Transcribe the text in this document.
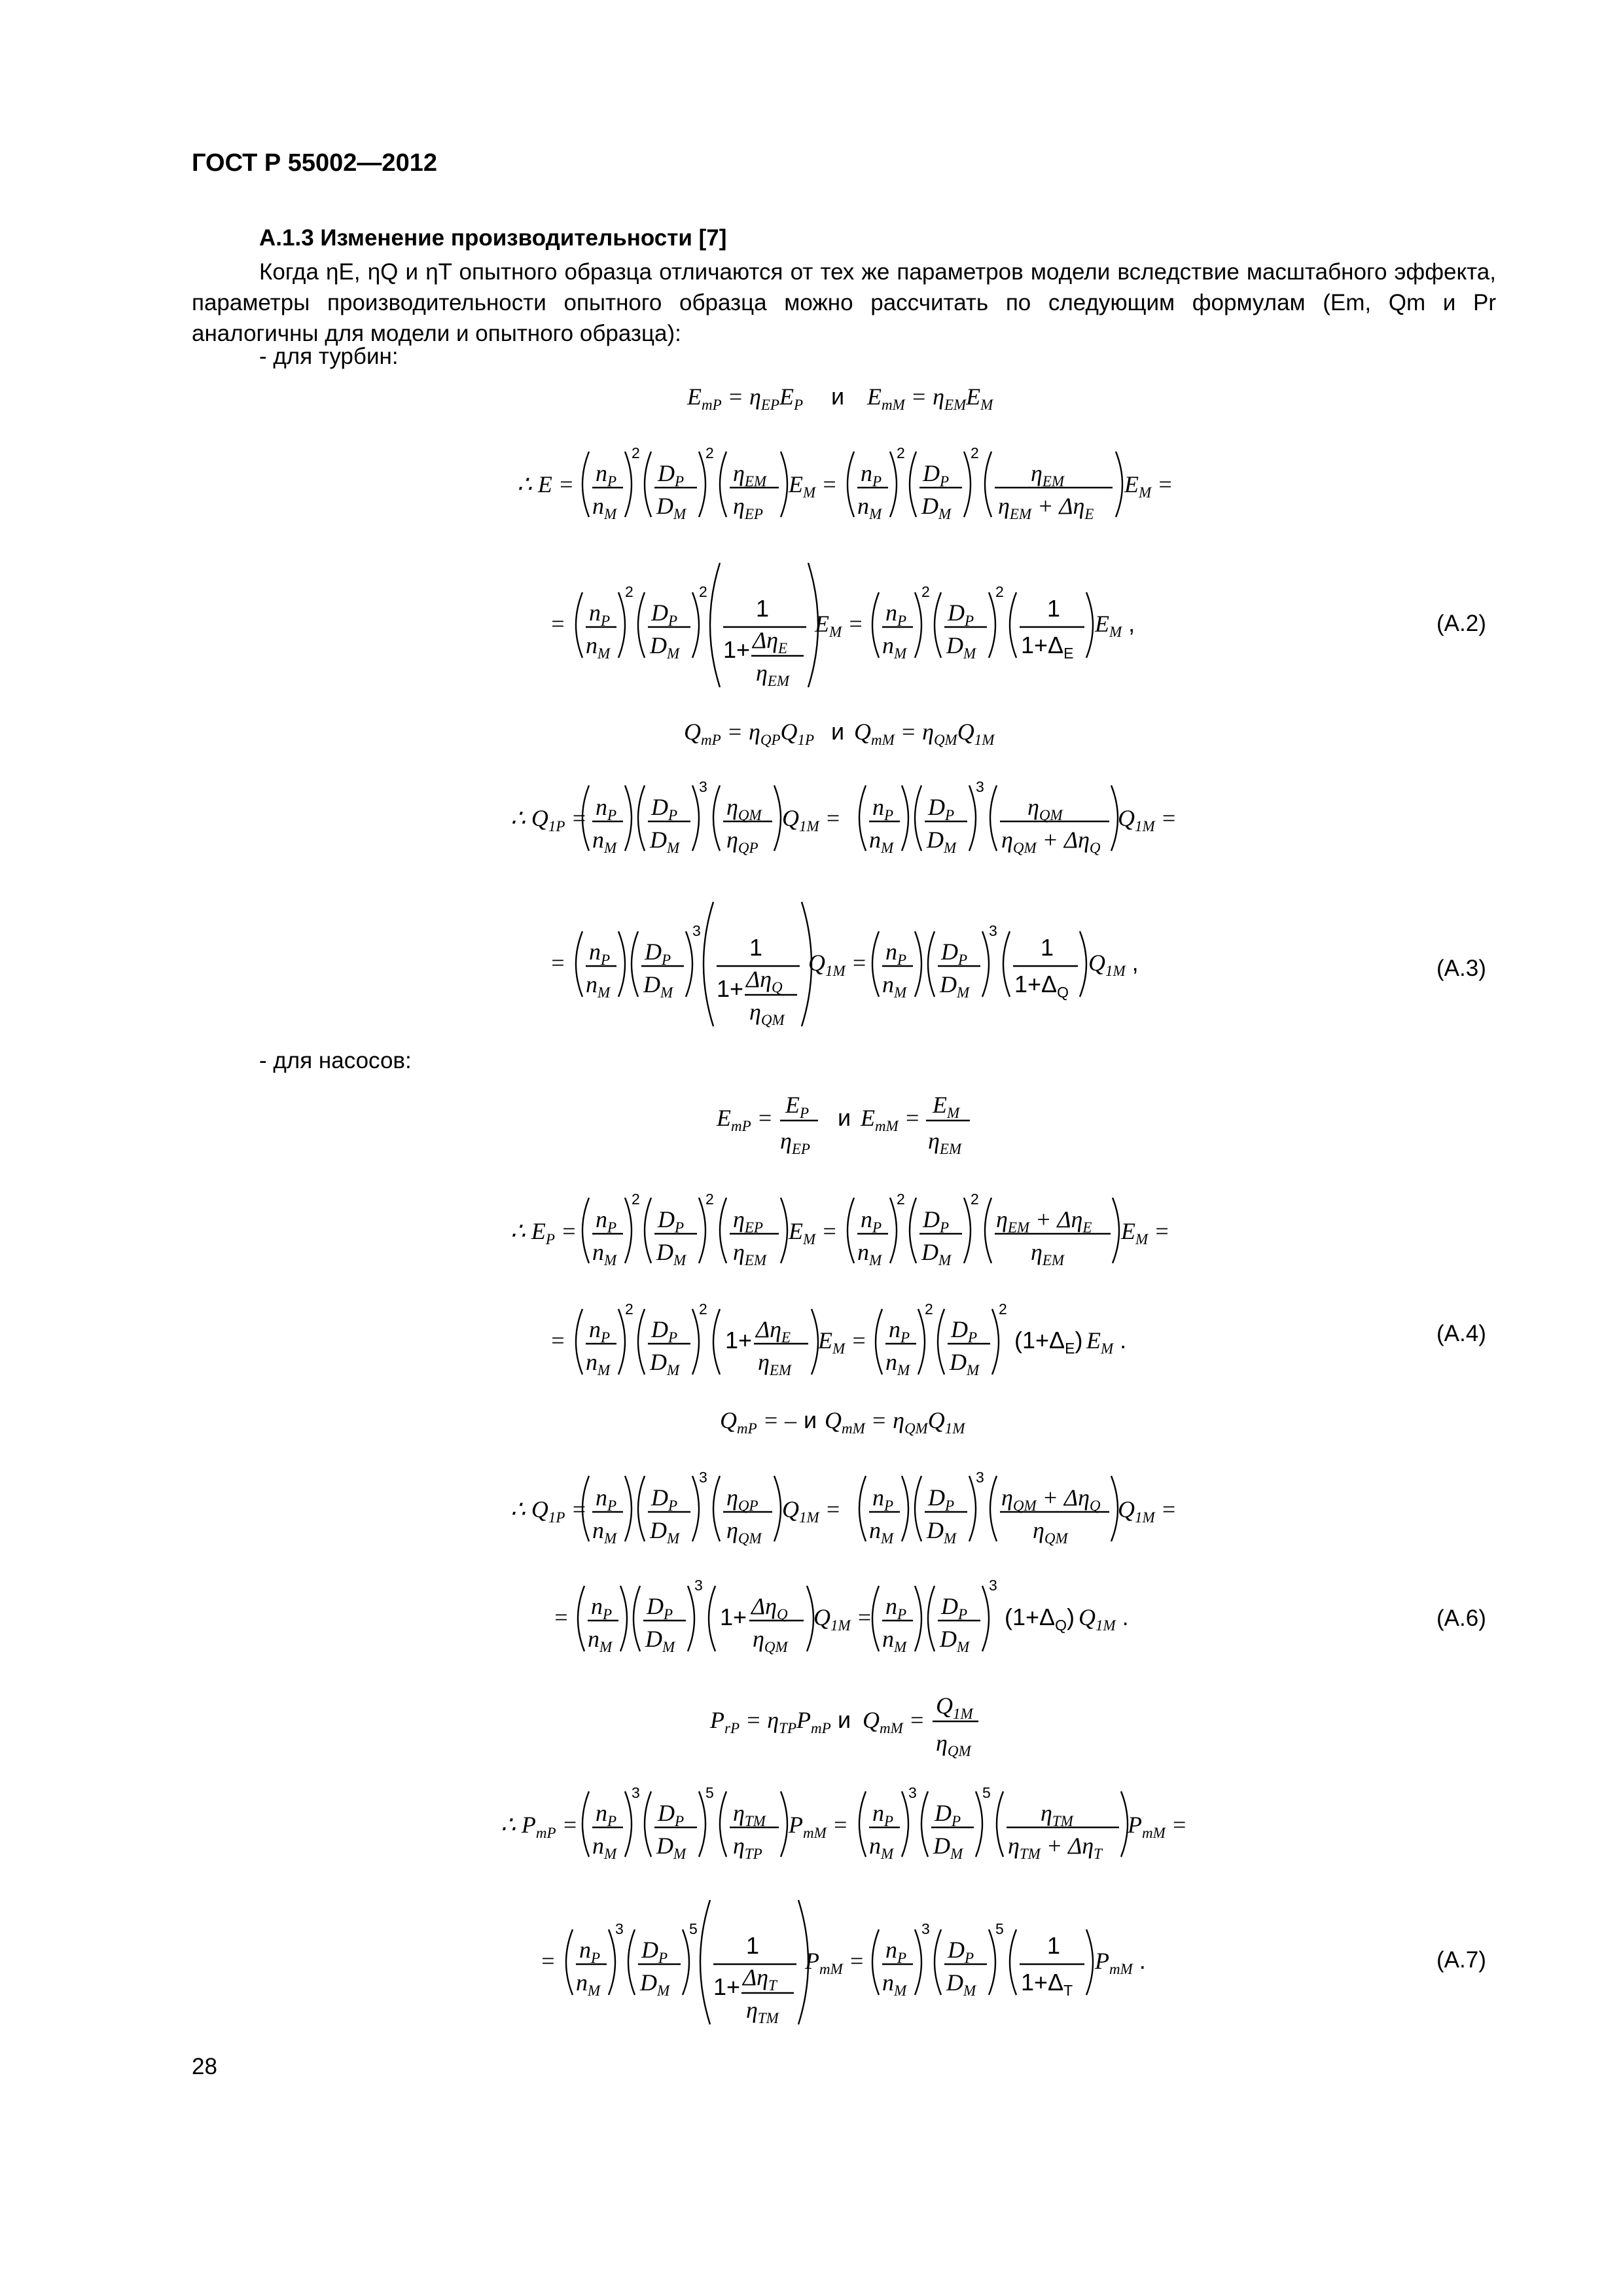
ГОСТ Р 55002—2012
А.1.3 Изменение производительности [7]
Когда ηE, ηQ и ηT опытного образца отличаются от тех же параметров модели вследствие масштабного эффекта, параметры производительности опытного образца можно рассчитать по следующим формулам (Em, Qm и Pr аналогичны для модели и опытного образца):
- для турбин:
- для насосов:
$E_{mP} = \eta_{EP}E_P$ и $E_{mM} = \eta_{EM}E_M$
∴ $E = n_P$
$n_M$
2
$D_P$
$D_M$
2
$\eta_{EM}$
$\eta_{EP}$
$E_M = n_P$
$n_M$
2
$D_P$
$D_M$
2
$\eta_{EM}$
$\eta_{EM} + \Delta\eta_E$
$E_M$ =
= $n_P$
$n_M$
2
$D_P$
$D_M$
2
1
$1+ \Delta\eta_E$
$\eta_{EM}$
$E_M = n_P$
$n_M$
2
$D_P$
$D_M$
2
1
$1+\Delta_E$
$E_M$ ,
$Q_{mP} = \eta_{QP}Q_{1P}$ и $Q_{mM} = \eta_{QM}Q_{1M}$
∴ $Q_{1P} = n_P$
$n_M$
$D_P$
$D_M$
3
$\eta_{QM}$
$\eta_{QP}$
$Q_{1M} = n_P$
$n_M$
$D_P$
$D_M$
3
$\eta_{QM}$
$\eta_{QM} + \Delta\eta_Q$
$Q_{1M}$ =
= $n_P$
$n_M$
$D_P$
$D_M$
3
1
$1+ \Delta\eta_Q$
$\eta_{QM}$
$Q_{1M} = n_P$
$n_M$
$D_P$
$D_M$
3
1
$1+\Delta_Q$
$Q_{1M}$ ,
$E_{mP} = E_P$
$\eta_{EP}$
и $E_{mM} = E_M$
$\eta_{EM}$
∴ $E_P = n_P$
$n_M$
2
$D_P$
$D_M$
2
$\eta_{EP}$
$\eta_{EM}$
$E_M = n_P$
$n_M$
2
$D_P$
$D_M$
2
$\eta_{EM} + \Delta\eta_E$
$\eta_{EM}$
$E_M$ =
= $n_P$
$n_M$
2
$D_P$
$D_M$
2
$1+ \Delta\eta_E$
$\eta_{EM}$
$E_M = n_P$
$n_M$
2
$D_P$
$D_M$
2
$(1+\Delta_E)$ $E_M$ .
$Q_{mP}$ = – и $Q_{mM} = \eta_{QM}Q_{1M}$
∴ $Q_{1P} = n_P$
$n_M$
$D_P$
$D_M$
3
$\eta_{QP}$
$\eta_{QM}$
$Q_{1M} = n_P$
$n_M$
$D_P$
$D_M$
3
$\eta_{QM} + \Delta\eta_Q$
$\eta_{QM}$
$Q_{1M}$ =
= $n_P$
$n_M$
$D_P$
$D_M$
3
$1+ \Delta\eta_Q$
$\eta_{QM}$
$Q_{1M} = n_P$
$n_M$
$D_P$
$D_M$
3
$(1+\Delta_Q)$ $Q_{1M}$ .
$P_{rP} = \eta_{TP}P_{mP}$ и $Q_{mM}$ =
$Q_{1M}$
$\eta_{QM}$
∴ $P_{mP} = n_P$
$n_M$
3
$D_P$
$D_M$
5
$\eta_{TM}$
$\eta_{TP}$
$P_{mM} = n_P$
$n_M$
3
$D_P$
$D_M$
5
$\eta_{TM}$
$\eta_{TM} + \Delta\eta_T$
$P_{mM}$ =
= $n_P$
$n_M$
3
$D_P$
$D_M$
5
1
$1+ \Delta\eta_T$
$\eta_{TM}$
$P_{mM} = n_P$
$n_M$
3
$D_P$
$D_M$
5
1
$1+\Delta_T$
$P_{mM}$ .
(А.2)
(А.3)
(А.4)
(А.6)
(А.7)
28
